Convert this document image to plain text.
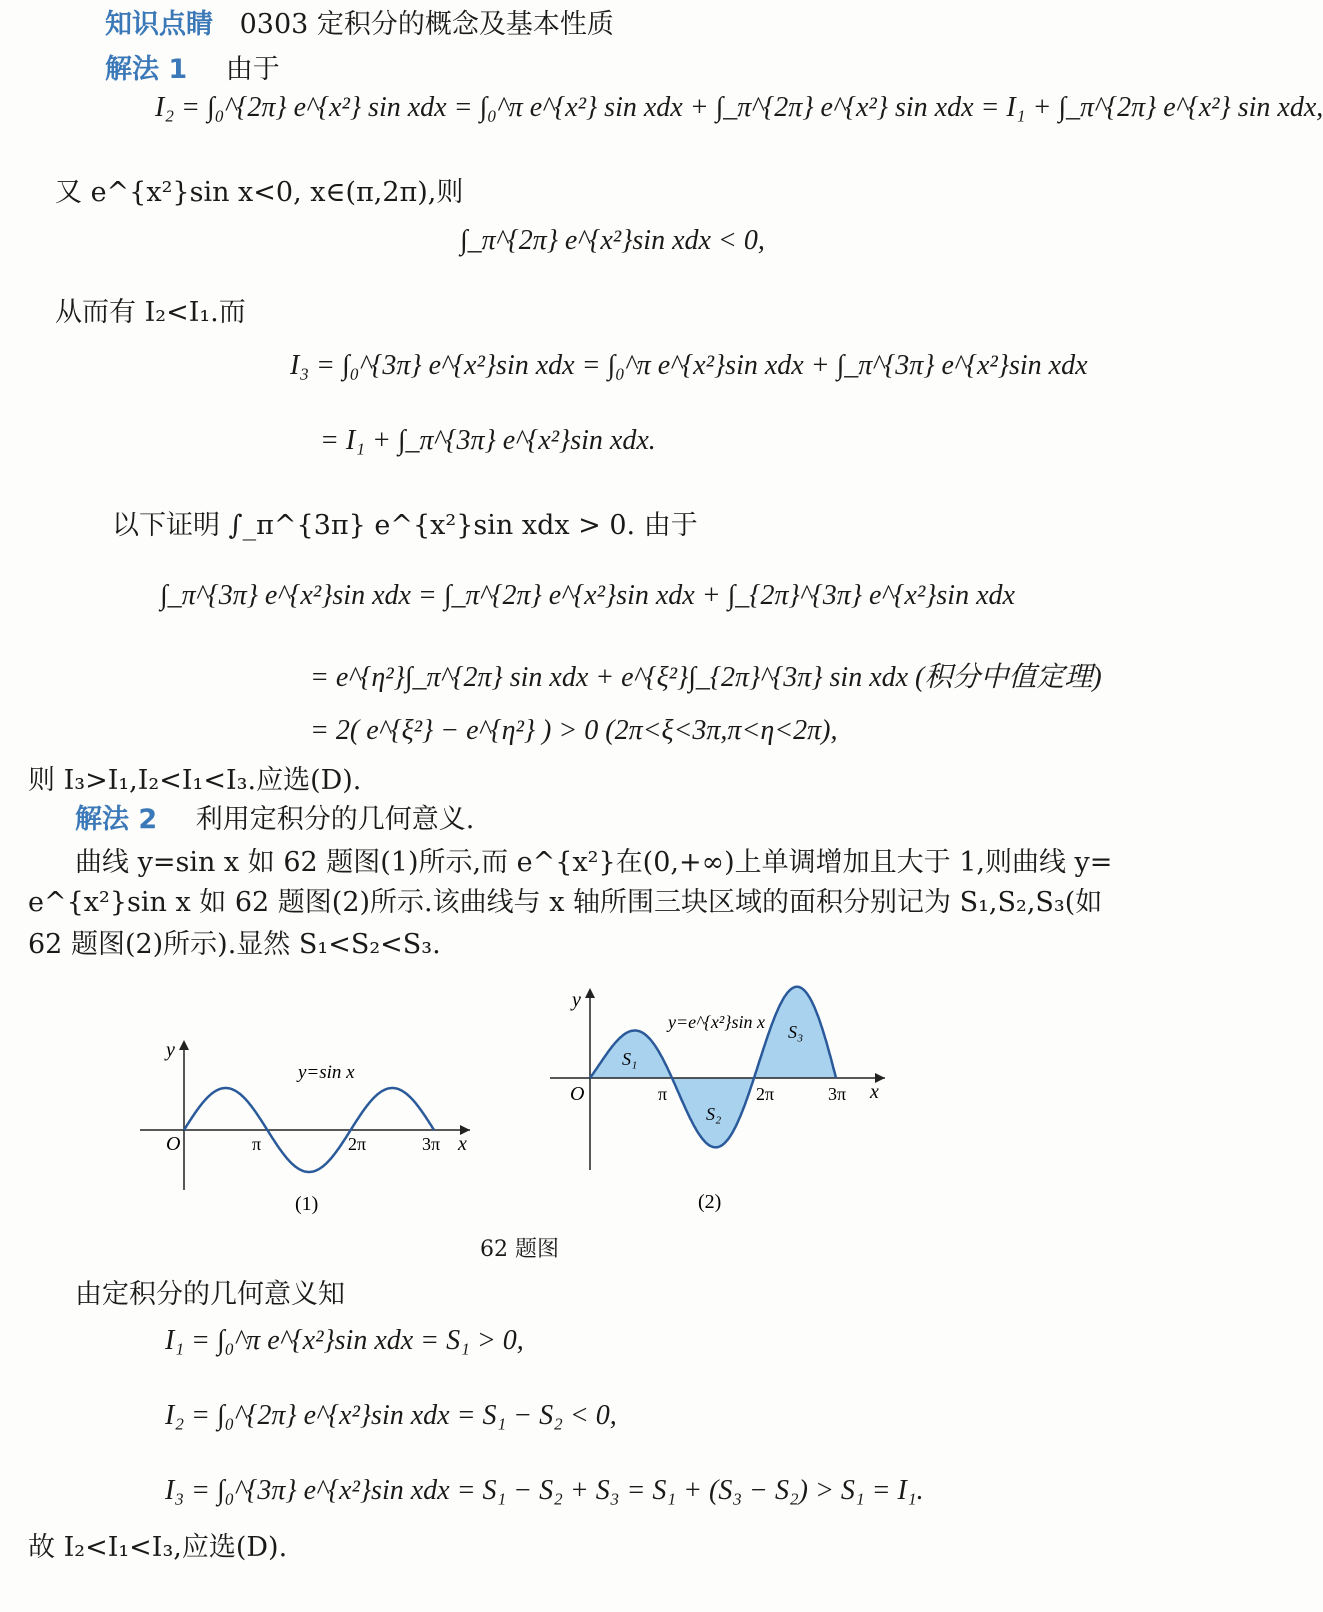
知识点睛 0303 定积分的概念及基本性质
解法 1 由于
I₂ = ∫₀^{2π} e^{x²} sin xdx = ∫₀^π e^{x²} sin xdx + ∫_π^{2π} e^{x²} sin xdx = I₁ + ∫_π^{2π} e^{x²} sin xdx,
又 e^{x²}sin x<0, x∈(π,2π),则
∫_π^{2π} e^{x²}sin xdx < 0,
从而有 I₂<I₁.而
I₃ = ∫₀^{3π} e^{x²}sin xdx = ∫₀^π e^{x²}sin xdx + ∫_π^{3π} e^{x²}sin xdx
= I₁ + ∫_π^{3π} e^{x²}sin xdx.
以下证明 ∫_π^{3π} e^{x²}sin xdx > 0. 由于
∫_π^{3π} e^{x²}sin xdx = ∫_π^{2π} e^{x²}sin xdx + ∫_{2π}^{3π} e^{x²}sin xdx
= e^{η²}∫_π^{2π} sin xdx + e^{ξ²}∫_{2π}^{3π} sin xdx (积分中值定理)
= 2( e^{ξ²} − e^{η²} ) > 0 (2π<ξ<3π,π<η<2π),
则 I₃>I₁,I₂<I₁<I₃.应选(D).
解法 2 利用定积分的几何意义.
曲线 y=sin x 如 62 题图(1)所示,而 e^{x²}在(0,+∞)上单调增加且大于 1,则曲线 y=
e^{x²}sin x 如 62 题图(2)所示.该曲线与 x 轴所围三块区域的面积分别记为 S₁,S₂,S₃(如
62 题图(2)所示).显然 S₁<S₂<S₃.
O
y
x
π	2π	3π
y=sin x
(1)
O
y
x
π	2π	3π
y=e^{x²}sin x
S₁
S₂
S₃
(2)
62 题图
由定积分的几何意义知
I₁ = ∫₀^π e^{x²}sin xdx = S₁ > 0,
I₂ = ∫₀^{2π} e^{x²}sin xdx = S₁ − S₂ < 0,
I₃ = ∫₀^{3π} e^{x²}sin xdx = S₁ − S₂ + S₃ = S₁ + (S₃ − S₂) > S₁ = I₁.
故 I₂<I₁<I₃,应选(D).
